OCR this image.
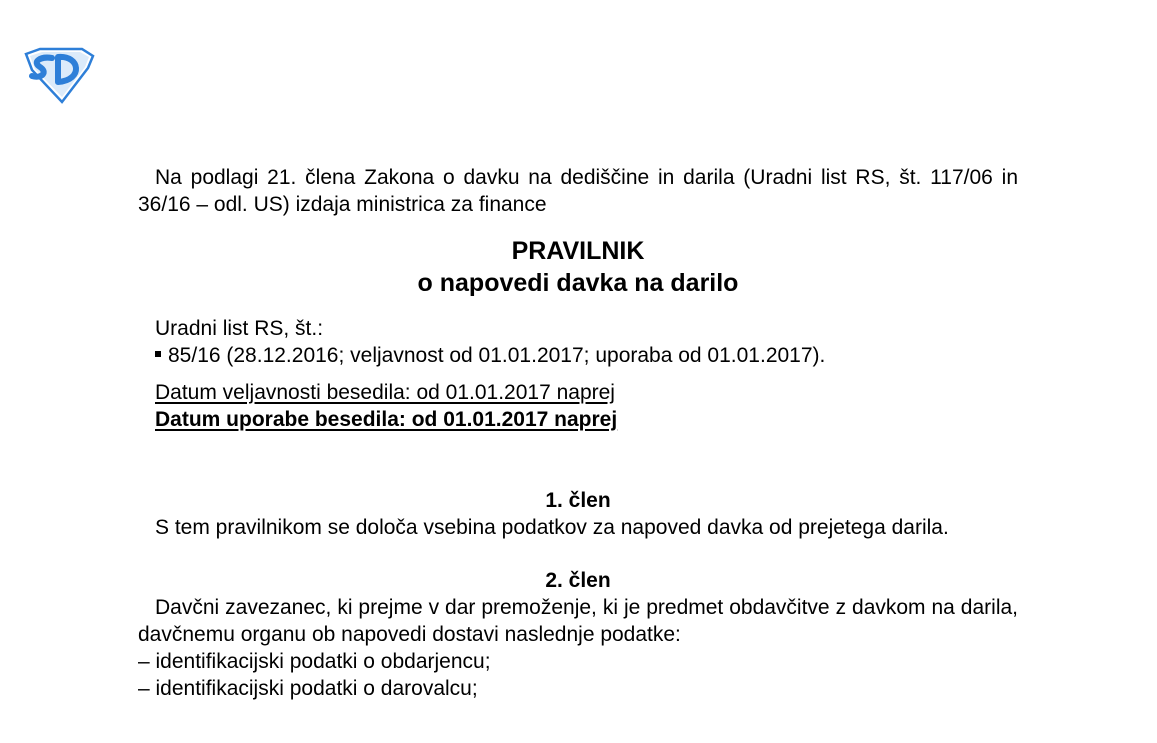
Na podlagi 21. člena Zakona o davku na dediščine in darila (Uradni list RS, št. 117/06 in 36/16 – odl. US) izdaja ministrica za finance

PRAVILNIK

o napovedi davka na darilo

Uradni list RS, št.:
85/16 (28.12.2016; veljavnost od 01.01.2017; uporaba od 01.01.2017).
Datum veljavnosti besedila: od 01.01.2017 naprej
Datum uporabe besedila: od 01.01.2017 naprej

1. člen

S tem pravilnikom se določa vsebina podatkov za napoved davka od prejetega darila.

2. člen

Davčni zavezanec, ki prejme v dar premoženje, ki je predmet obdavčitve z davkom na darila, davčnemu organu ob napovedi dostavi naslednje podatke:

– identifikacijski podatki o obdarjencu;
– identifikacijski podatki o darovalcu;
